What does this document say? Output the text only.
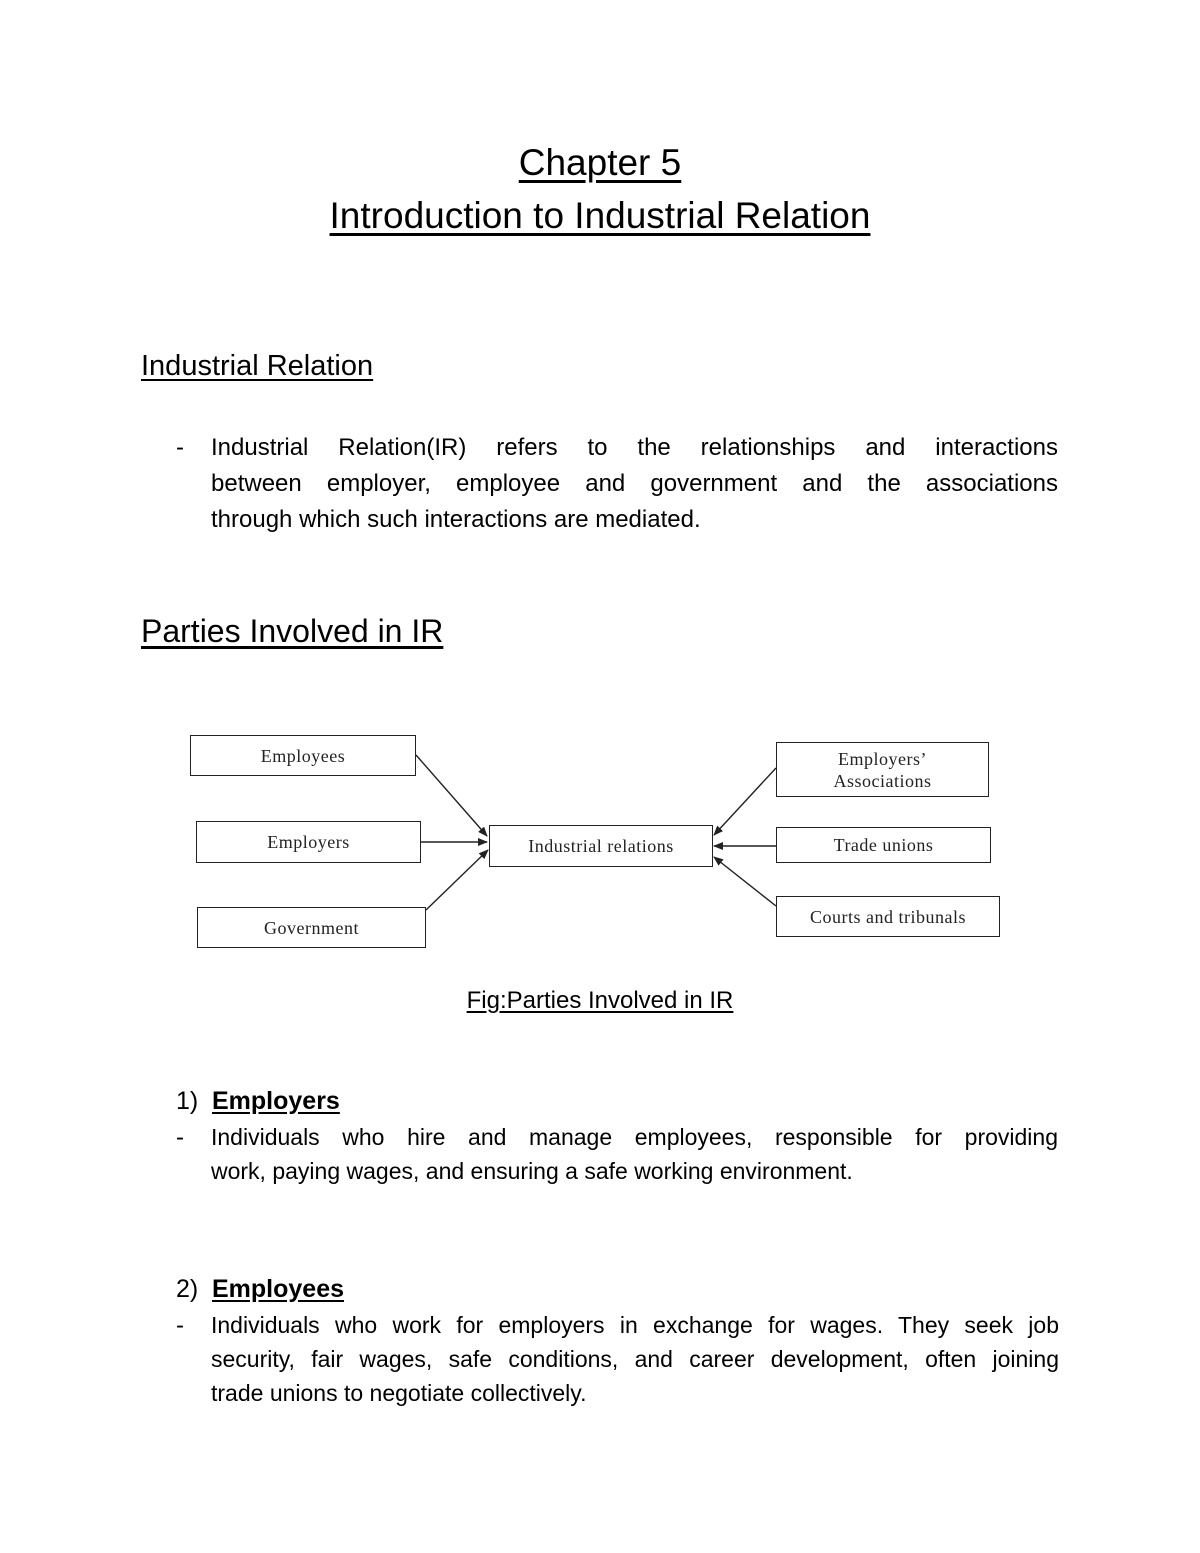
Chapter 5
Introduction to Industrial Relation
Industrial Relation
- Industrial Relation(IR) refers to the relationships and interactions
between employer, employee and government and the associations
through which such interactions are mediated.
Parties Involved in IR
Employees
Employers
Government
Industrial relations
Employers’
Associations
Trade unions
Courts and tribunals
Fig:Parties Involved in IR
1) Employers
- Individuals who hire and manage employees, responsible for providing
work, paying wages, and ensuring a safe working environment.
2) Employees
- Individuals who work for employers in exchange for wages. They seek job
security, fair wages, safe conditions, and career development, often joining
trade unions to negotiate collectively.
